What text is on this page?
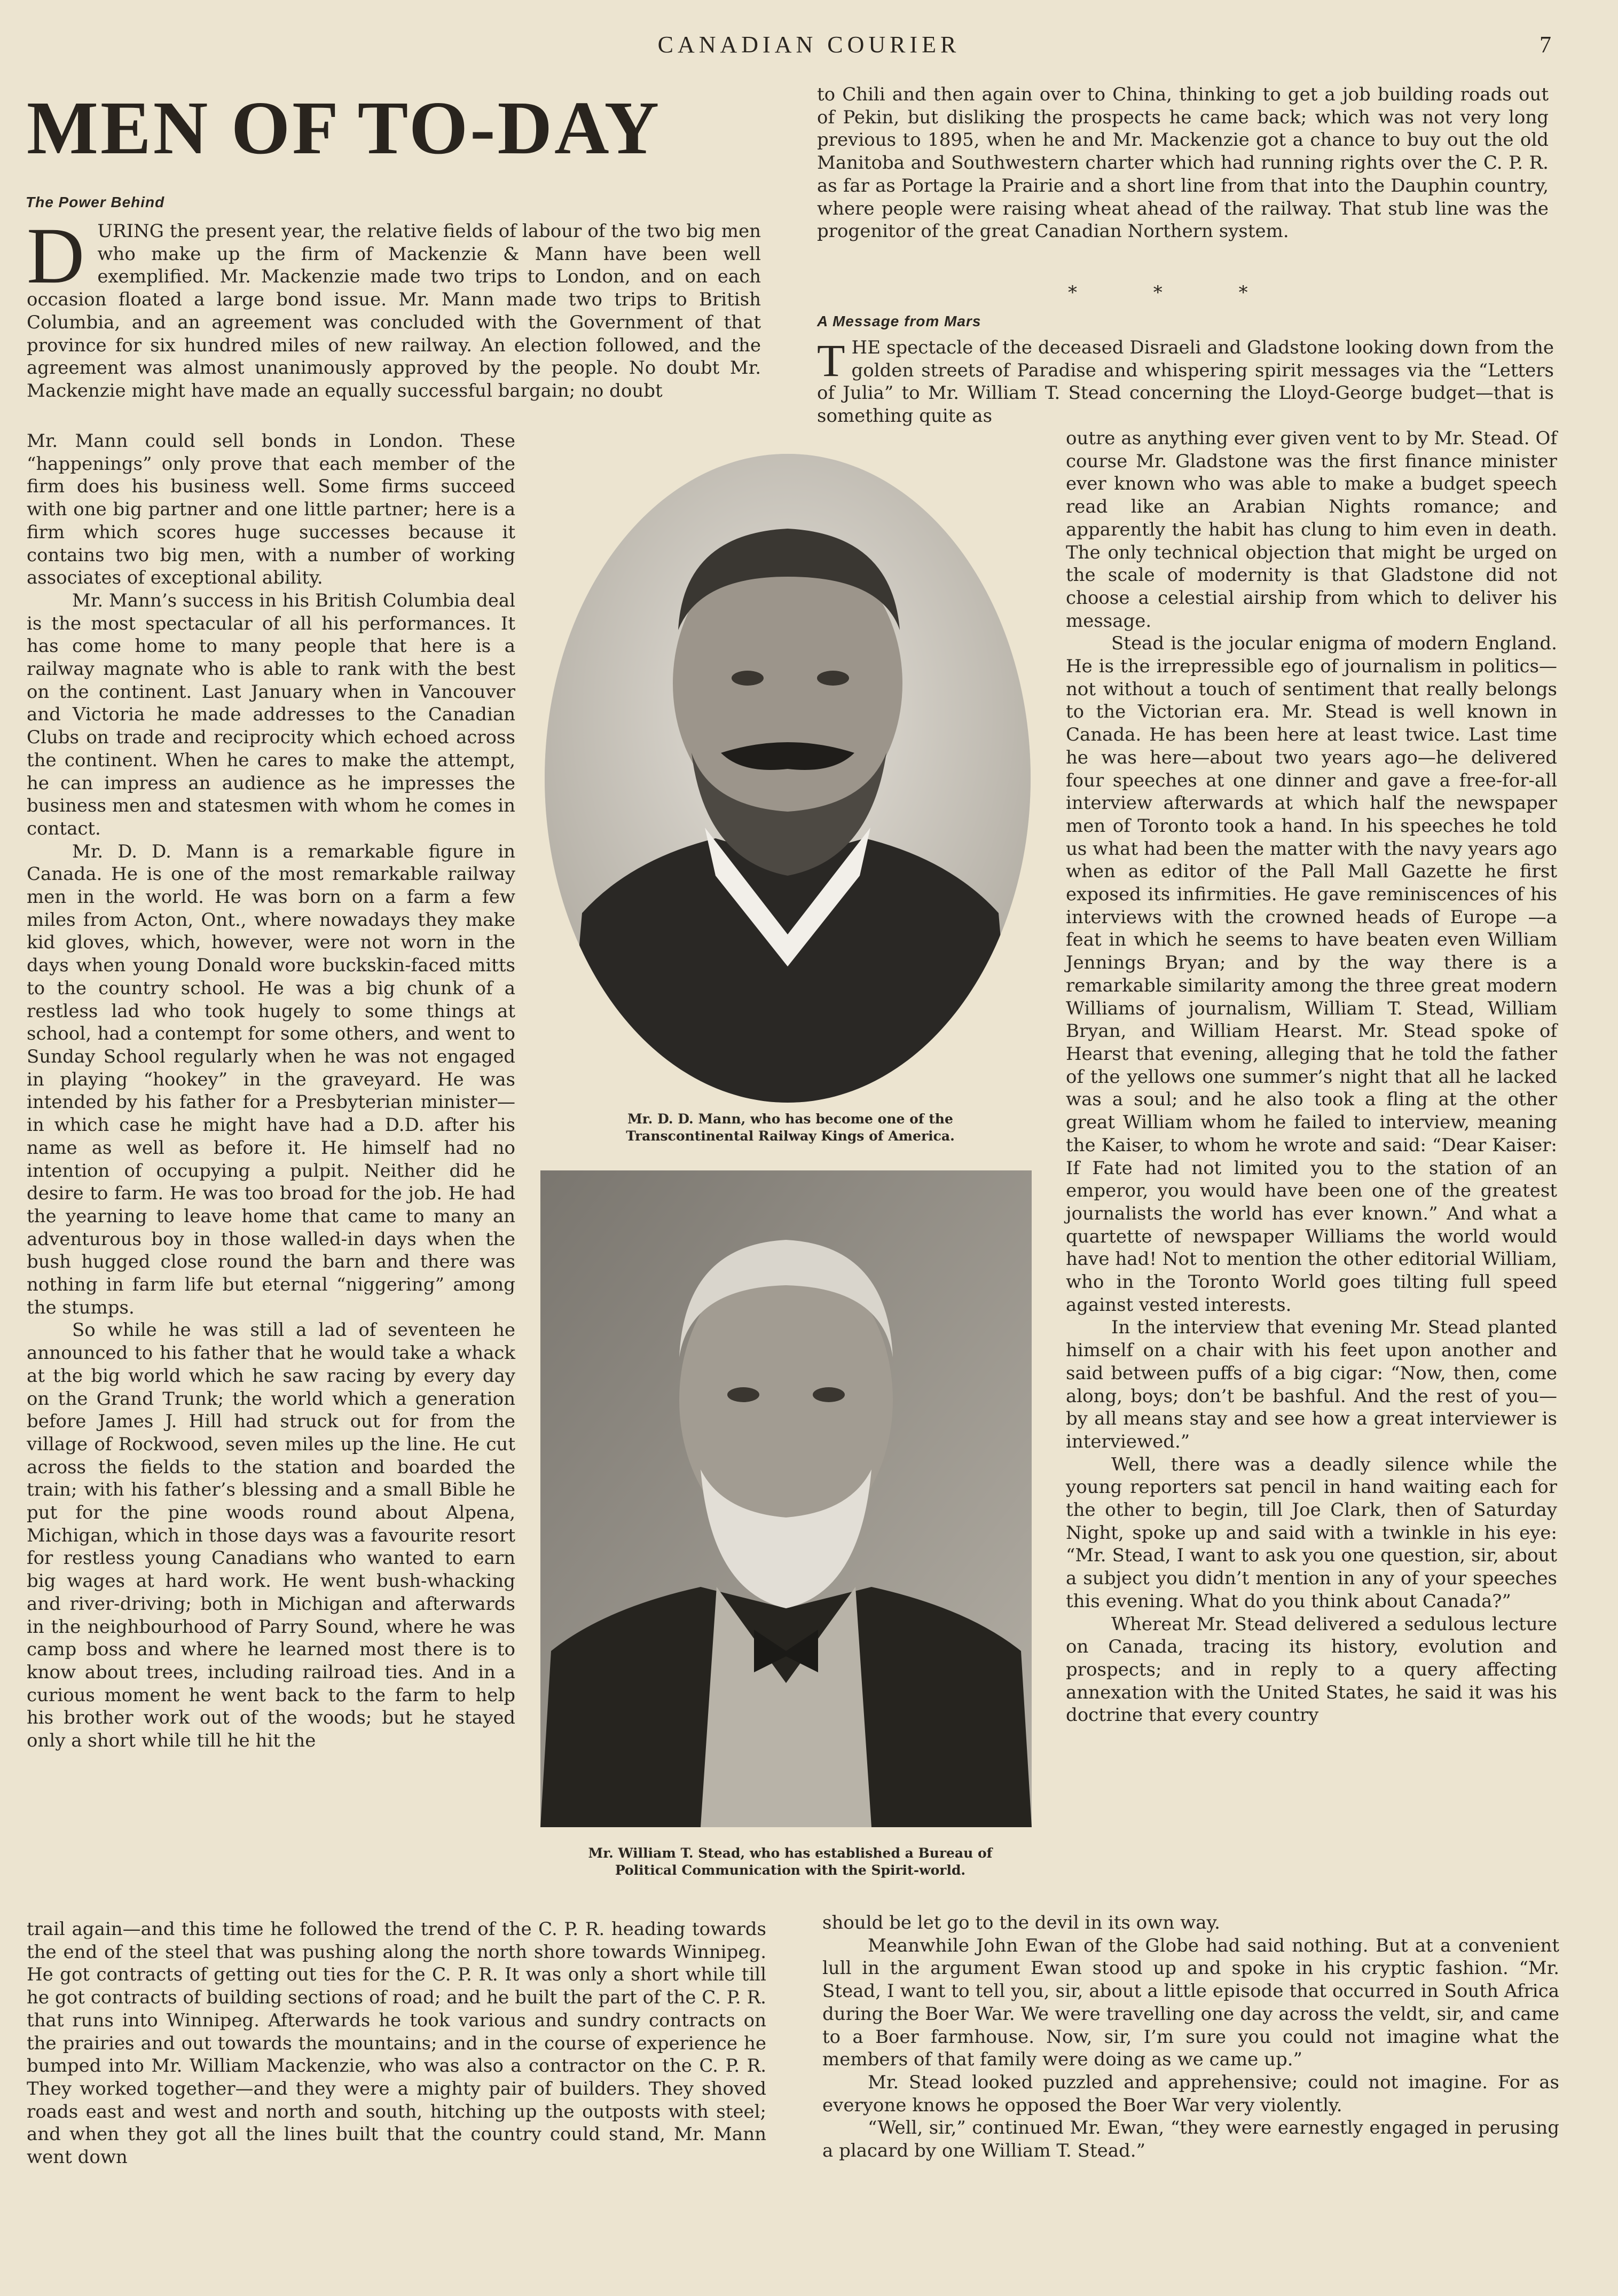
CANADIAN COURIER	7
MEN OF TO-DAY
The Power Behind

DURING the present year, the relative fields of labour of the two big men who make up the firm of Mackenzie & Mann have been well exemplified. Mr. Mackenzie made two trips to London, and on each occasion floated a large bond issue. Mr. Mann made two trips to British Columbia, and an agreement was concluded with the Government of that province for six hundred miles of new railway. An election followed, and the agreement was almost unanimously approved by the people. No doubt Mr. Mackenzie might have made an equally successful bargain; no doubt

Mr. Mann could sell bonds in London. These “happenings” only prove that each member of the firm does his business well. Some firms succeed with one big partner and one little partner; here is a firm which scores huge successes because it contains two big men, with a number of working associates of exceptional ability.

Mr. Mann’s success in his British Columbia deal is the most spectacular of all his performances. It has come home to many people that here is a railway magnate who is able to rank with the best on the continent. Last January when in Vancouver and Victoria he made addresses to the Canadian Clubs on trade and reciprocity which echoed across the continent. When he cares to make the attempt, he can impress an audience as he impresses the business men and statesmen with whom he comes in contact.

Mr. D. D. Mann is a remarkable figure in Canada. He is one of the most remarkable railway men in the world. He was born on a farm a few miles from Acton, Ont., where nowadays they make kid gloves, which, however, were not worn in the days when young Donald wore buckskin-faced mitts to the country school. He was a big chunk of a restless lad who took hugely to some things at school, had a contempt for some others, and went to Sunday School regularly when he was not engaged in playing “hookey” in the graveyard. He was intended by his father for a Presbyterian minister—in which case he might have had a D.D. after his name as well as before it. He himself had no intention of occupying a pulpit. Neither did he desire to farm. He was too broad for the job. He had the yearning to leave home that came to many an adventurous boy in those walled-in days when the bush hugged close round the barn and there was nothing in farm life but eternal “niggering” among the stumps.

So while he was still a lad of seventeen he announced to his father that he would take a whack at the big world which he saw racing by every day on the Grand Trunk; the world which a generation before James J. Hill had struck out for from the village of Rockwood, seven miles up the line. He cut across the fields to the station and boarded the train; with his father’s blessing and a small Bible he put for the pine woods round about Alpena, Michigan, which in those days was a favourite resort for restless young Canadians who wanted to earn big wages at hard work. He went bush-whacking and river-driving; both in Michigan and afterwards in the neighbourhood of Parry Sound, where he was camp boss and where he learned most there is to know about trees, including railroad ties. And in a curious moment he went back to the farm to help his brother work out of the woods; but he stayed only a short while till he hit the

trail again—and this time he followed the trend of the C. P. R. heading towards the end of the steel that was pushing along the north shore towards Winnipeg. He got contracts of getting out ties for the C. P. R. It was only a short while till he got contracts of building sections of road; and he built the part of the C. P. R. that runs into Winnipeg. Afterwards he took various and sundry contracts on the prairies and out towards the mountains; and in the course of experience he bumped into Mr. William Mackenzie, who was also a contractor on the C. P. R. They worked together—and they were a mighty pair of builders. They shoved roads east and west and north and south, hitching up the outposts with steel; and when they got all the lines built that the country could stand, Mr. Mann went down

to Chili and then again over to China, thinking to get a job building roads out of Pekin, but disliking the prospects he came back; which was not very long previous to 1895, when he and Mr. Mackenzie got a chance to buy out the old Manitoba and Southwestern charter which had running rights over the C. P. R. as far as Portage la Prairie and a short line from that into the Dauphin country, where people were raising wheat ahead of the railway. That stub line was the progenitor of the great Canadian Northern system.

* * *
A Message from Mars

THE spectacle of the deceased Disraeli and Gladstone looking down from the golden streets of Paradise and whispering spirit messages via the “Letters of Julia” to Mr. William T. Stead concerning the Lloyd-George budget—that is something quite as

outre as anything ever given vent to by Mr. Stead. Of course Mr. Gladstone was the first finance minister ever known who was able to make a budget speech read like an Arabian Nights romance; and apparently the habit has clung to him even in death. The only technical objection that might be urged on the scale of modernity is that Gladstone did not choose a celestial airship from which to deliver his message.

Stead is the jocular enigma of modern England. He is the irrepressible ego of journalism in politics—not without a touch of sentiment that really belongs to the Victorian era. Mr. Stead is well known in Canada. He has been here at least twice. Last time he was here—about two years ago—he delivered four speeches at one dinner and gave a free-for-all interview afterwards at which half the newspaper men of Toronto took a hand. In his speeches he told us what had been the matter with the navy years ago when as editor of the Pall Mall Gazette he first exposed its infirmities. He gave reminiscences of his interviews with the crowned heads of Europe —a feat in which he seems to have beaten even William Jennings Bryan; and by the way there is a remarkable similarity among the three great modern Williams of journalism, William T. Stead, William Bryan, and William Hearst. Mr. Stead spoke of Hearst that evening, alleging that he told the father of the yellows one summer’s night that all he lacked was a soul; and he also took a fling at the other great William whom he failed to interview, meaning the Kaiser, to whom he wrote and said: “Dear Kaiser: If Fate had not limited you to the station of an emperor, you would have been one of the greatest journalists the world has ever known.” And what a quartette of newspaper Williams the world would have had! Not to mention the other editorial William, who in the Toronto World goes tilting full speed against vested interests.

In the interview that evening Mr. Stead planted himself on a chair with his feet upon another and said between puffs of a big cigar: “Now, then, come along, boys; don’t be bashful. And the rest of you—by all means stay and see how a great interviewer is interviewed.”

Well, there was a deadly silence while the young reporters sat pencil in hand waiting each for the other to begin, till Joe Clark, then of Saturday Night, spoke up and said with a twinkle in his eye: “Mr. Stead, I want to ask you one question, sir, about a subject you didn’t mention in any of your speeches this evening. What do you think about Canada?”

Whereat Mr. Stead delivered a sedulous lecture on Canada, tracing its history, evolution and prospects; and in reply to a query affecting annexation with the United States, he said it was his doctrine that every country

should be let go to the devil in its own way.

Meanwhile John Ewan of the Globe had said nothing. But at a convenient lull in the argument Ewan stood up and spoke in his cryptic fashion. “Mr. Stead, I want to tell you, sir, about a little episode that occurred in South Africa during the Boer War. We were travelling one day across the veldt, sir, and came to a Boer farmhouse. Now, sir, I’m sure you could not imagine what the members of that family were doing as we came up.”

Mr. Stead looked puzzled and apprehensive; could not imagine. For as everyone knows he opposed the Boer War very violently.

“Well, sir,” continued Mr. Ewan, “they were earnestly engaged in perusing a placard by one William T. Stead.”

Mr. D. D. Mann, who has become one of the
Transcontinental Railway Kings of America.
Mr. William T. Stead, who has established a Bureau of
Political Communication with the Spirit-world.
